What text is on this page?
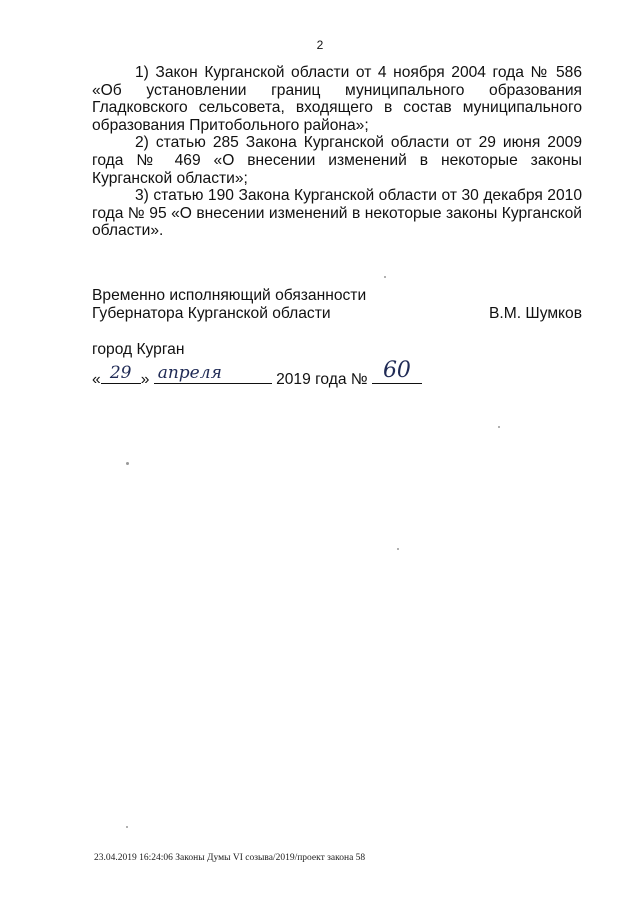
2

1) Закон Курганской области от 4 ноября 2004 года № 586 «Об установлении границ муниципального образования Гладковского сельсовета, входящего в состав муниципального образования Притобольного района»;

2) статью 285 Закона Курганской области от 29 июня 2009 года № 469 «О внесении изменений в некоторые законы Курганской области»;

3) статью 190 Закона Курганской области от 30 декабря 2010 года № 95 «О внесении изменений в некоторые законы Курганской области».

Временно исполняющий обязанности
Губернатора Курганской области	В.М. Шумков
город Курган
« 29 » апреля	2019 года № 60
23.04.2019 16:24:06 Законы Думы VI созыва/2019/проект закона 58
